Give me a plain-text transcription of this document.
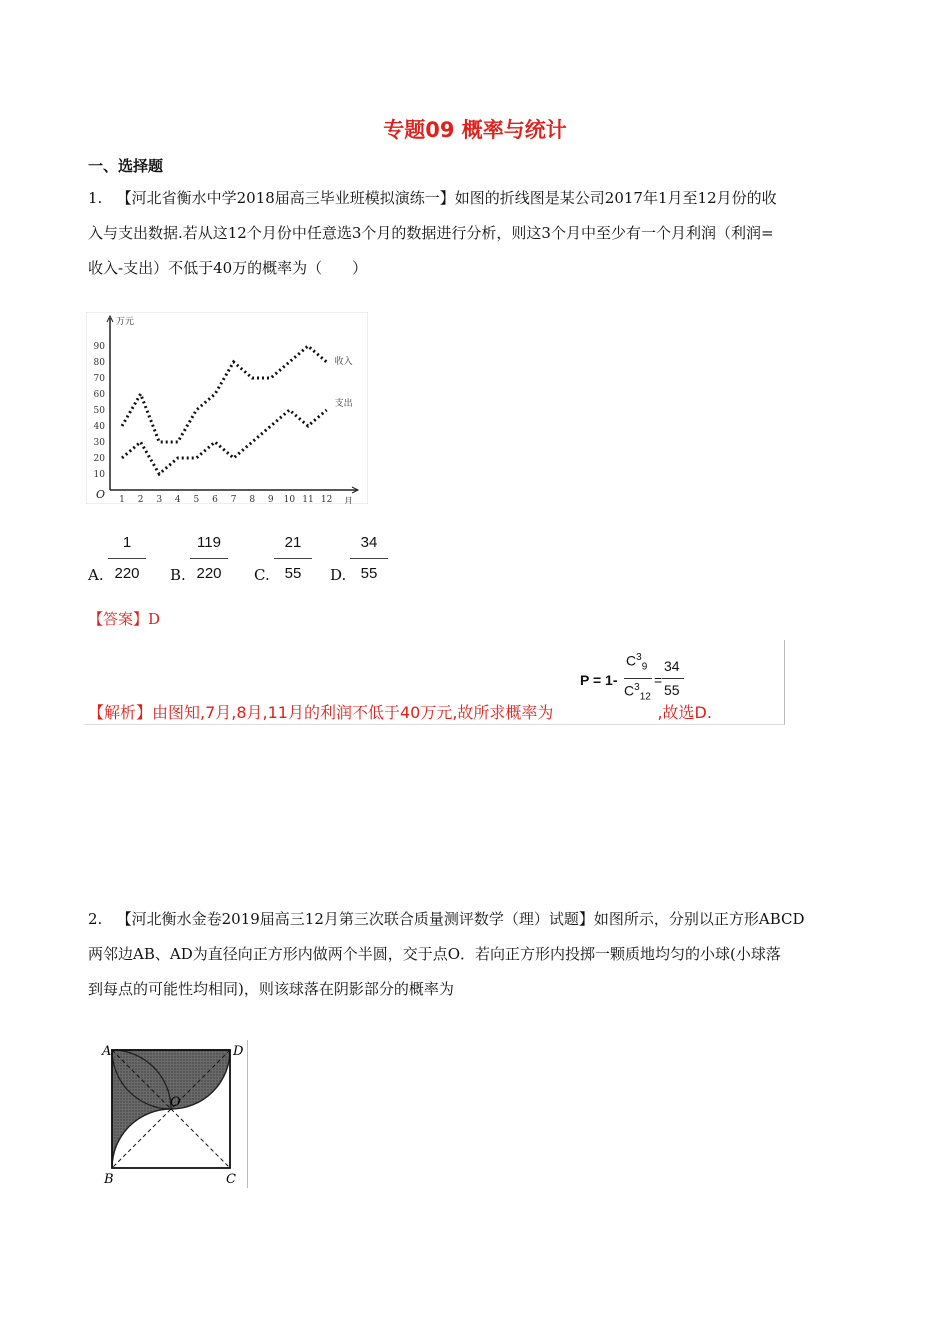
专题09 概率与统计
一、选择题
1. 【河北省衡水中学2018届高三毕业班模拟演练一】如图的折线图是某公司2017年1月至12月份的收
入与支出数据.若从这12个月份中任意选3个月的数据进行分析，则这3个月中至少有一个月利润（利润=
收入-支出）不低于40万的概率为（　　）
万元
月
O
10
20
30
40
50
60
70
80
90
1 2 3 4 5 6 7 8 9 10 11 12
收入
支出
A.
1
220	B.
119
220	C.
21
55	D.
34
55
【答案】D
【解析】由图知,7月,8月,11月的利润不低于40万元,故所求概率为	,故选D.
P = 1-
$C^3_9$
$C^3_{12}$
=
34
55
2. 【河北衡水金卷2019届高三12月第三次联合质量测评数学（理）试题】如图所示，分别以正方形ABCD
两邻边AB、AD为直径向正方形内做两个半圆，交于点O．若向正方形内投掷一颗质地均匀的小球(小球落
到每点的可能性均相同)，则该球落在阴影部分的概率为
A	D
B	C
O
